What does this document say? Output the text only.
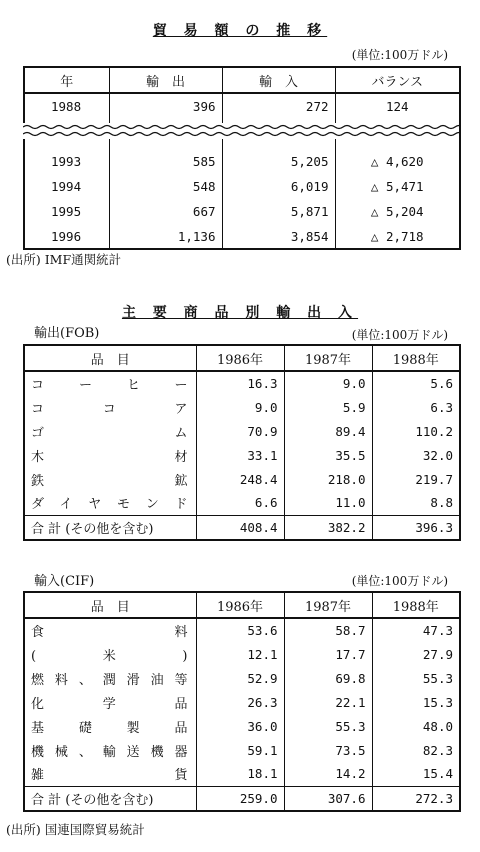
貿 易 額 の 推 移
(単位:100万ドル)
年	輸　出	輸　入	バランス
1988	396	272	124

1993	585	5,205	△ 4,620
1994	548	6,019	△ 5,471
1995	667	5,871	△ 5,204
1996	1,136	3,854	△ 2,718
(出所) IMF通関統計
主 要 商 品 別 輸 出 入
輸出(FOB)	(単位:100万ドル)
品　目	1986年	1987年	1988年
コーヒー	16.3	9.0	5.6
ココア	9.0	5.9	6.3
ゴム	70.9	89.4	110.2
木材	33.1	35.5	32.0
鉄鉱	248.4	218.0	219.7
ダイヤモンド	6.6	11.0	8.8
合 計 (その他を含む)	408.4	382.2	396.3
輸入(CIF)	(単位:100万ドル)
品　目	1986年	1987年	1988年
食料	53.6	58.7	47.3
(米)	12.1	17.7	27.9
燃料、潤滑油等	52.9	69.8	55.3
化学品	26.3	22.1	15.3
基礎製品	36.0	55.3	48.0
機械、輸送機器	59.1	73.5	82.3
雑貨	18.1	14.2	15.4
合 計 (その他を含む)	259.0	307.6	272.3
(出所) 国連国際貿易統計
